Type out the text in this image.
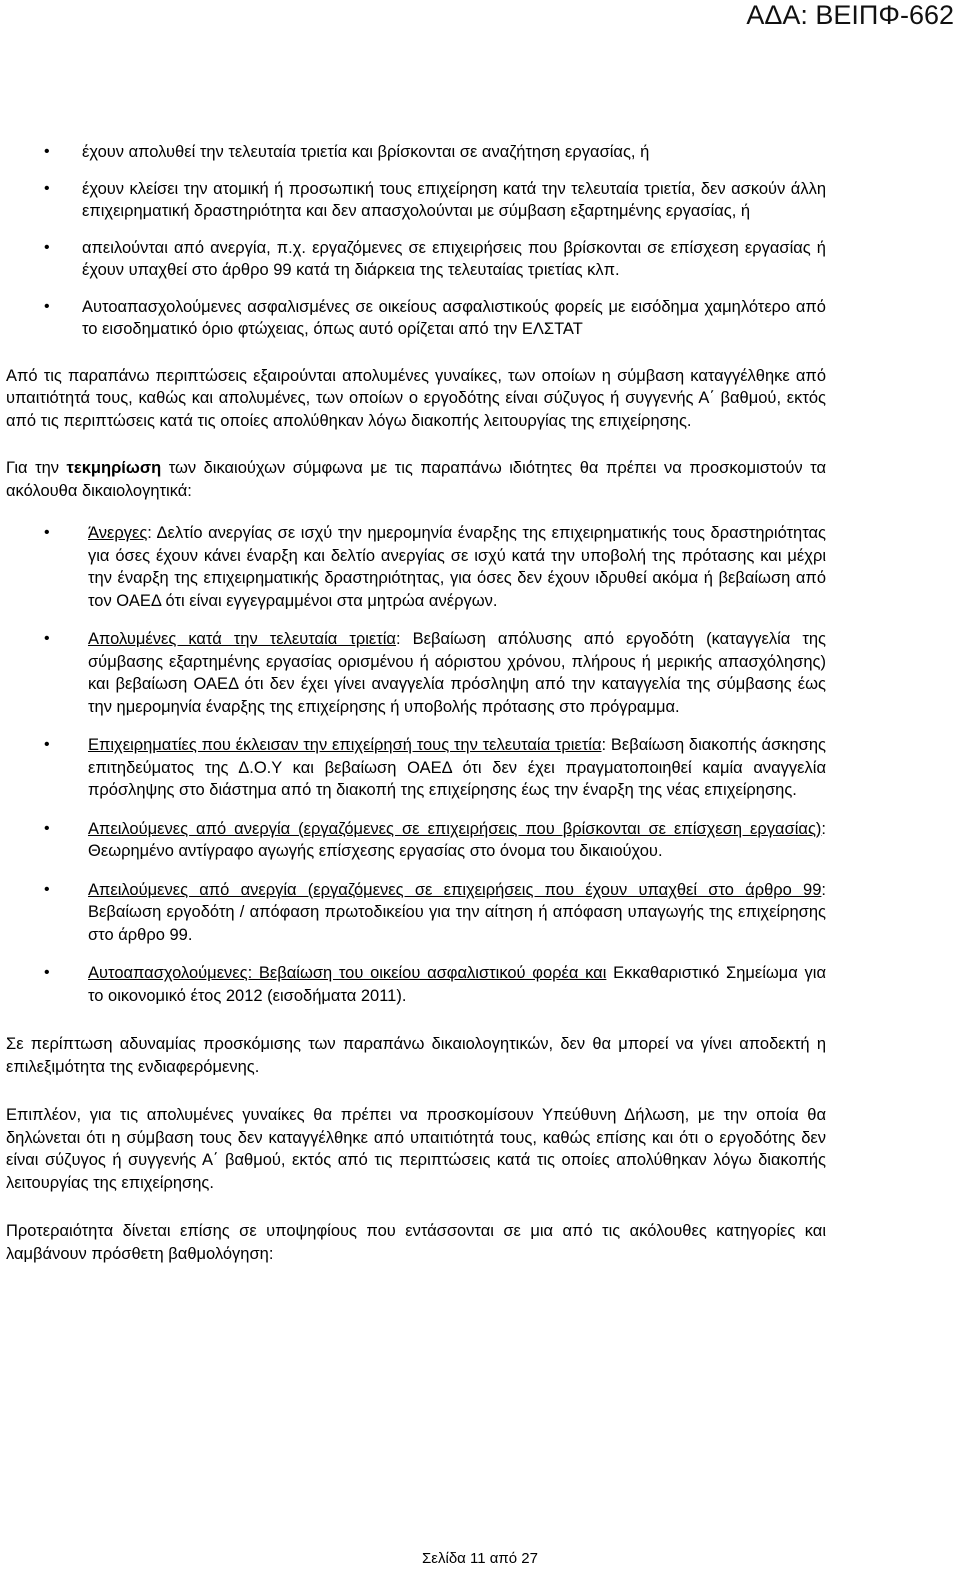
ΑΔΑ: ΒΕΙΠΦ-662
• έχουν απολυθεί την τελευταία τριετία και βρίσκονται σε αναζήτηση εργασίας, ή
• έχουν κλείσει την ατομική ή προσωπική τους επιχείρηση κατά την τελευταία τριετία, δεν ασκούν άλλη επιχειρηματική δραστηριότητα και δεν απασχολούνται με σύμβαση εξαρτημένης εργασίας, ή
• απειλούνται από ανεργία, π.χ. εργαζόμενες σε επιχειρήσεις που βρίσκονται σε επίσχεση εργασίας ή έχουν υπαχθεί στο άρθρο 99 κατά τη διάρκεια της τελευταίας τριετίας κλπ.
• Αυτοαπασχολούμενες ασφαλισμένες σε οικείους ασφαλιστικούς φορείς με εισόδημα χαμηλότερο από το εισοδηματικό όριο φτώχειας, όπως αυτό ορίζεται από την ΕΛΣΤΑΤ

Από τις παραπάνω περιπτώσεις εξαιρούνται απολυμένες γυναίκες, των οποίων η σύμβαση καταγγέλθηκε από υπαιτιότητά τους, καθώς και απολυμένες, των οποίων ο εργοδότης είναι σύζυγος ή συγγενής Α΄ βαθμού, εκτός από τις περιπτώσεις κατά τις οποίες απολύθηκαν λόγω διακοπής λειτουργίας της επιχείρησης.

Για την τεκμηρίωση των δικαιούχων σύμφωνα με τις παραπάνω ιδιότητες θα πρέπει να προσκομιστούν τα ακόλουθα δικαιολογητικά:

• Άνεργες: Δελτίο ανεργίας σε ισχύ την ημερομηνία έναρξης της επιχειρηματικής τους δραστηριότητας για όσες έχουν κάνει έναρξη και δελτίο ανεργίας σε ισχύ κατά την υποβολή της πρότασης και μέχρι την έναρξη της επιχειρηματικής δραστηριότητας, για όσες δεν έχουν ιδρυθεί ακόμα ή βεβαίωση από τον ΟΑΕΔ ότι είναι εγγεγραμμένοι στα μητρώα ανέργων.
• Απολυμένες κατά την τελευταία τριετία: Βεβαίωση απόλυσης από εργοδότη (καταγγελία της σύμβασης εξαρτημένης εργασίας ορισμένου ή αόριστου χρόνου, πλήρους ή μερικής απασχόλησης) και βεβαίωση ΟΑΕΔ ότι δεν έχει γίνει αναγγελία πρόσληψη από την καταγγελία της σύμβασης έως την ημερομηνία έναρξης της επιχείρησης ή υποβολής πρότασης στο πρόγραμμα.
• Επιχειρηματίες που έκλεισαν την επιχείρησή τους την τελευταία τριετία: Βεβαίωση διακοπής άσκησης επιτηδεύματος της Δ.Ο.Υ και βεβαίωση ΟΑΕΔ ότι δεν έχει πραγματοποιηθεί καμία αναγγελία πρόσληψης στο διάστημα από τη διακοπή της επιχείρησης έως την έναρξη της νέας επιχείρησης.
• Απειλούμενες από ανεργία (εργαζόμενες σε επιχειρήσεις που βρίσκονται σε επίσχεση εργασίας): Θεωρημένο αντίγραφο αγωγής επίσχεσης εργασίας στο όνομα του δικαιούχου.
• Απειλούμενες από ανεργία (εργαζόμενες σε επιχειρήσεις που έχουν υπαχθεί στο άρθρο 99: Βεβαίωση εργοδότη / απόφαση πρωτοδικείου για την αίτηση ή απόφαση υπαγωγής της επιχείρησης στο άρθρο 99.
• Αυτοαπασχολούμενες: Βεβαίωση του οικείου ασφαλιστικού φορέα και Εκκαθαριστικό Σημείωμα για το οικονομικό έτος 2012 (εισοδήματα 2011).

Σε περίπτωση αδυναμίας προσκόμισης των παραπάνω δικαιολογητικών, δεν θα μπορεί να γίνει αποδεκτή η επιλεξιμότητα της ενδιαφερόμενης.

Επιπλέον, για τις απολυμένες γυναίκες θα πρέπει να προσκομίσουν Υπεύθυνη Δήλωση, με την οποία θα δηλώνεται ότι η σύμβαση τους δεν καταγγέλθηκε από υπαιτιότητά τους, καθώς επίσης και ότι ο εργοδότης δεν είναι σύζυγος ή συγγενής Α΄ βαθμού, εκτός από τις περιπτώσεις κατά τις οποίες απολύθηκαν λόγω διακοπής λειτουργίας της επιχείρησης.

Προτεραιότητα δίνεται επίσης σε υποψηφίους που εντάσσονται σε μια από τις ακόλουθες κατηγορίες και λαμβάνουν πρόσθετη βαθμολόγηση:

Σελίδα 11 από 27
